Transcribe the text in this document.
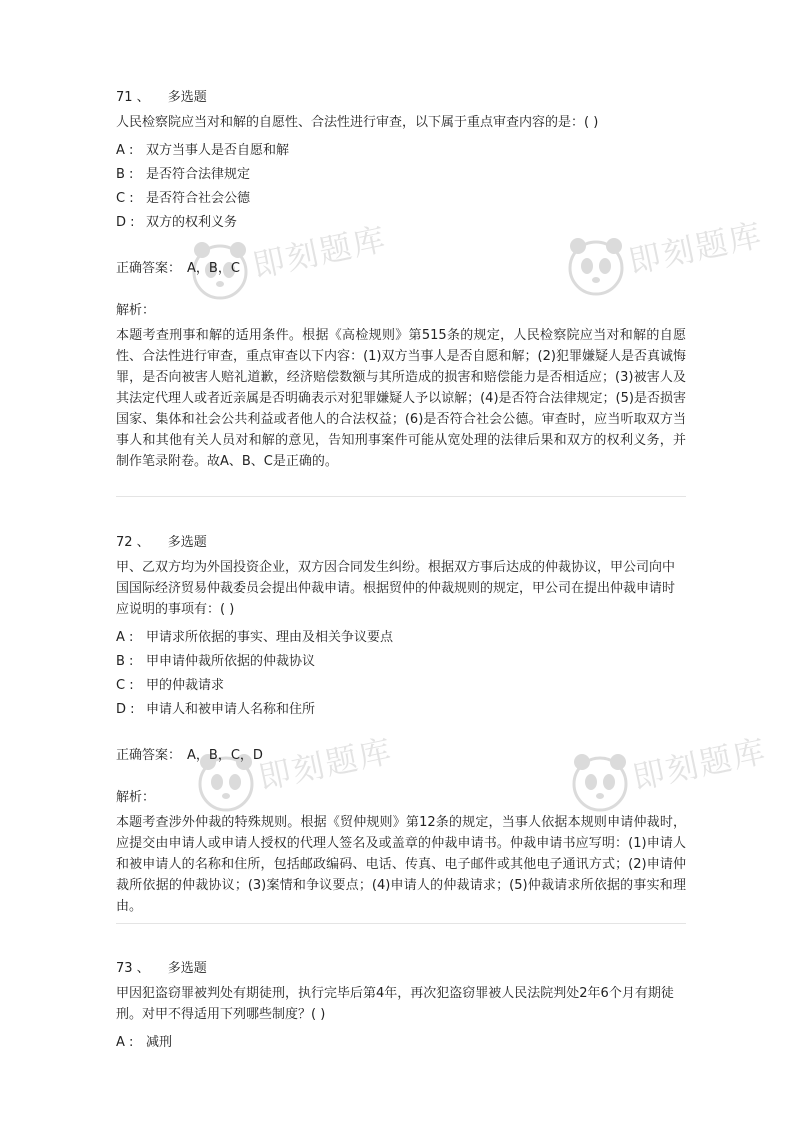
即刻题库
即刻题库
即刻题库	即刻题库
71 、 多选题
人民检察院应当对和解的自愿性、合法性进行审查，以下属于重点审查内容的是：( )
A : 双方当事人是否自愿和解
B : 是否符合法律规定
C : 是否符合社会公德
D : 双方的权利义务
正确答案： A，B，C
解析：
本题考查刑事和解的适用条件。根据《高检规则》第515条的规定，人民检察院应当对和解的自愿性、合法性进行审查，重点审查以下内容：(1)双方当事人是否自愿和解；(2)犯罪嫌疑人是否真诚悔罪，是否向被害人赔礼道歉，经济赔偿数额与其所造成的损害和赔偿能力是否相适应；(3)被害人及其法定代理人或者近亲属是否明确表示对犯罪嫌疑人予以谅解；(4)是否符合法律规定；(5)是否损害国家、集体和社会公共利益或者他人的合法权益；(6)是否符合社会公德。审查时，应当听取双方当事人和其他有关人员对和解的意见，告知刑事案件可能从宽处理的法律后果和双方的权利义务，并制作笔录附卷。故A、B、C是正确的。
72 、 多选题
甲、乙双方均为外国投资企业，双方因合同发生纠纷。根据双方事后达成的仲裁协议，甲公司向中国国际经济贸易仲裁委员会提出仲裁申请。根据贸仲的仲裁规则的规定，甲公司在提出仲裁申请时应说明的事项有：( )
A : 甲请求所依据的事实、理由及相关争议要点
B : 甲申请仲裁所依据的仲裁协议
C : 甲的仲裁请求
D : 申请人和被申请人名称和住所
正确答案： A，B，C，D
解析：
本题考查涉外仲裁的特殊规则。根据《贸仲规则》第12条的规定，当事人依据本规则申请仲裁时，应提交由申请人或申请人授权的代理人签名及或盖章的仲裁申请书。仲裁申请书应写明：(1)申请人和被申请人的名称和住所，包括邮政编码、电话、传真、电子邮件或其他电子通讯方式；(2)申请仲裁所依据的仲裁协议；(3)案情和争议要点；(4)申请人的仲裁请求；(5)仲裁请求所依据的事实和理由。
73 、 多选题
甲因犯盗窃罪被判处有期徒刑，执行完毕后第4年，再次犯盗窃罪被人民法院判处2年6个月有期徒刑。对甲不得适用下列哪些制度？( )
A : 减刑
